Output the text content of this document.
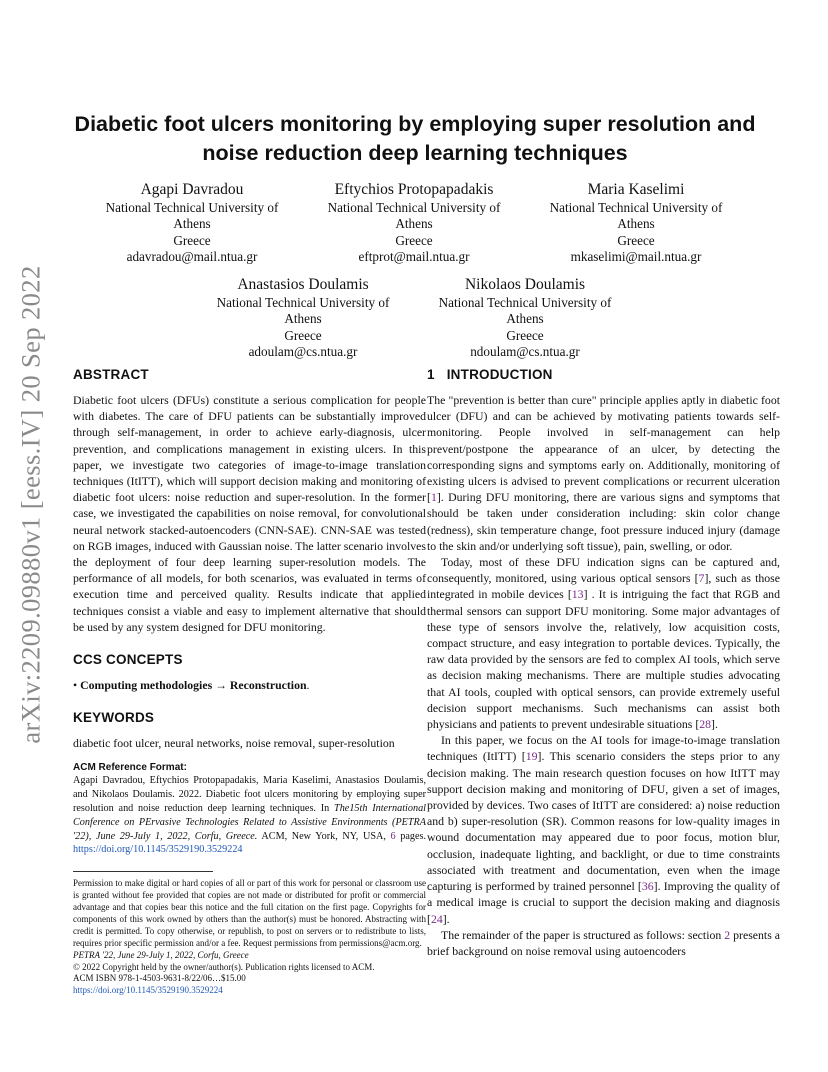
arXiv:2209.09880v1 [eess.IV] 20 Sep 2022
Diabetic foot ulcers monitoring by employing super resolution and noise reduction deep learning techniques
Agapi Davradou
National Technical University of
Athens
Greece
adavradou@mail.ntua.gr
Eftychios Protopapadakis
National Technical University of
Athens
Greece
eftprot@mail.ntua.gr
Maria Kaselimi
National Technical University of
Athens
Greece
mkaselimi@mail.ntua.gr
Anastasios Doulamis
National Technical University of
Athens
Greece
adoulam@cs.ntua.gr
Nikolaos Doulamis
National Technical University of
Athens
Greece
ndoulam@cs.ntua.gr
ABSTRACT

Diabetic foot ulcers (DFUs) constitute a serious complication for people with diabetes. The care of DFU patients can be substantially improved through self-management, in order to achieve early-diagnosis, ulcer prevention, and complications management in existing ulcers. In this paper, we investigate two categories of image-to-image translation techniques (ItITT), which will support decision making and monitoring of diabetic foot ulcers: noise reduction and super-resolution. In the former case, we investigated the capabilities on noise removal, for convolutional neural network stacked-autoencoders (CNN-SAE). CNN-SAE was tested on RGB images, induced with Gaussian noise. The latter scenario involves the deployment of four deep learning super-resolution models. The performance of all models, for both scenarios, was evaluated in terms of execution time and perceived quality. Results indicate that applied techniques consist a viable and easy to implement alternative that should be used by any system designed for DFU monitoring.

CCS CONCEPTS

• Computing methodologies → Reconstruction.

KEYWORDS

diabetic foot ulcer, neural networks, noise removal, super-resolution

ACM Reference Format:

Agapi Davradou, Eftychios Protopapadakis, Maria Kaselimi, Anastasios Doulamis, and Nikolaos Doulamis. 2022. Diabetic foot ulcers monitoring by employing super resolution and noise reduction deep learning techniques. In The15th International Conference on PErvasive Technologies Related to Assistive Environments (PETRA '22), June 29-July 1, 2022, Corfu, Greece. ACM, New York, NY, USA, 6 pages. https://doi.org/10.1145/3529190.3529224

Permission to make digital or hard copies of all or part of this work for personal or classroom use is granted without fee provided that copies are not made or distributed for profit or commercial advantage and that copies bear this notice and the full citation on the first page. Copyrights for components of this work owned by others than the author(s) must be honored. Abstracting with credit is permitted. To copy otherwise, or republish, to post on servers or to redistribute to lists, requires prior specific permission and/or a fee. Request permissions from permissions@acm.org.

PETRA '22, June 29-July 1, 2022, Corfu, Greece

© 2022 Copyright held by the owner/author(s). Publication rights licensed to ACM.

ACM ISBN 978-1-4503-9631-8/22/06…$15.00

https://doi.org/10.1145/3529190.3529224

1 INTRODUCTION

The "prevention is better than cure" principle applies aptly in diabetic foot ulcer (DFU) and can be achieved by motivating patients towards self-monitoring. People involved in self-management can help prevent/postpone the appearance of an ulcer, by detecting the corresponding signs and symptoms early on. Additionally, monitoring of existing ulcers is advised to prevent complications or recurrent ulceration [1]. During DFU monitoring, there are various signs and symptoms that should be taken under consideration including: skin color change (redness), skin temperature change, foot pressure induced injury (damage to the skin and/or underlying soft tissue), pain, swelling, or odor.

Today, most of these DFU indication signs can be captured and, consequently, monitored, using various optical sensors [7], such as those integrated in mobile devices [13] . It is intriguing the fact that RGB and thermal sensors can support DFU monitoring. Some major advantages of these type of sensors involve the, relatively, low acquisition costs, compact structure, and easy integration to portable devices. Typically, the raw data provided by the sensors are fed to complex AI tools, which serve as decision making mechanisms. There are multiple studies advocating that AI tools, coupled with optical sensors, can provide extremely useful decision support mechanisms. Such mechanisms can assist both physicians and patients to prevent undesirable situations [28].

In this paper, we focus on the AI tools for image-to-image translation techniques (ItITT) [19]. This scenario considers the steps prior to any decision making. The main research question focuses on how ItITT may support decision making and monitoring of DFU, given a set of images, provided by devices. Two cases of ItITT are considered: a) noise reduction and b) super-resolution (SR). Common reasons for low-quality images in wound documentation may appeared due to poor focus, motion blur, occlusion, inadequate lighting, and backlight, or due to time constraints associated with treatment and documentation, even when the image capturing is performed by trained personnel [36]. Improving the quality of a medical image is crucial to support the decision making and diagnosis [24].

The remainder of the paper is structured as follows: section 2 presents a brief background on noise removal using autoencoders
